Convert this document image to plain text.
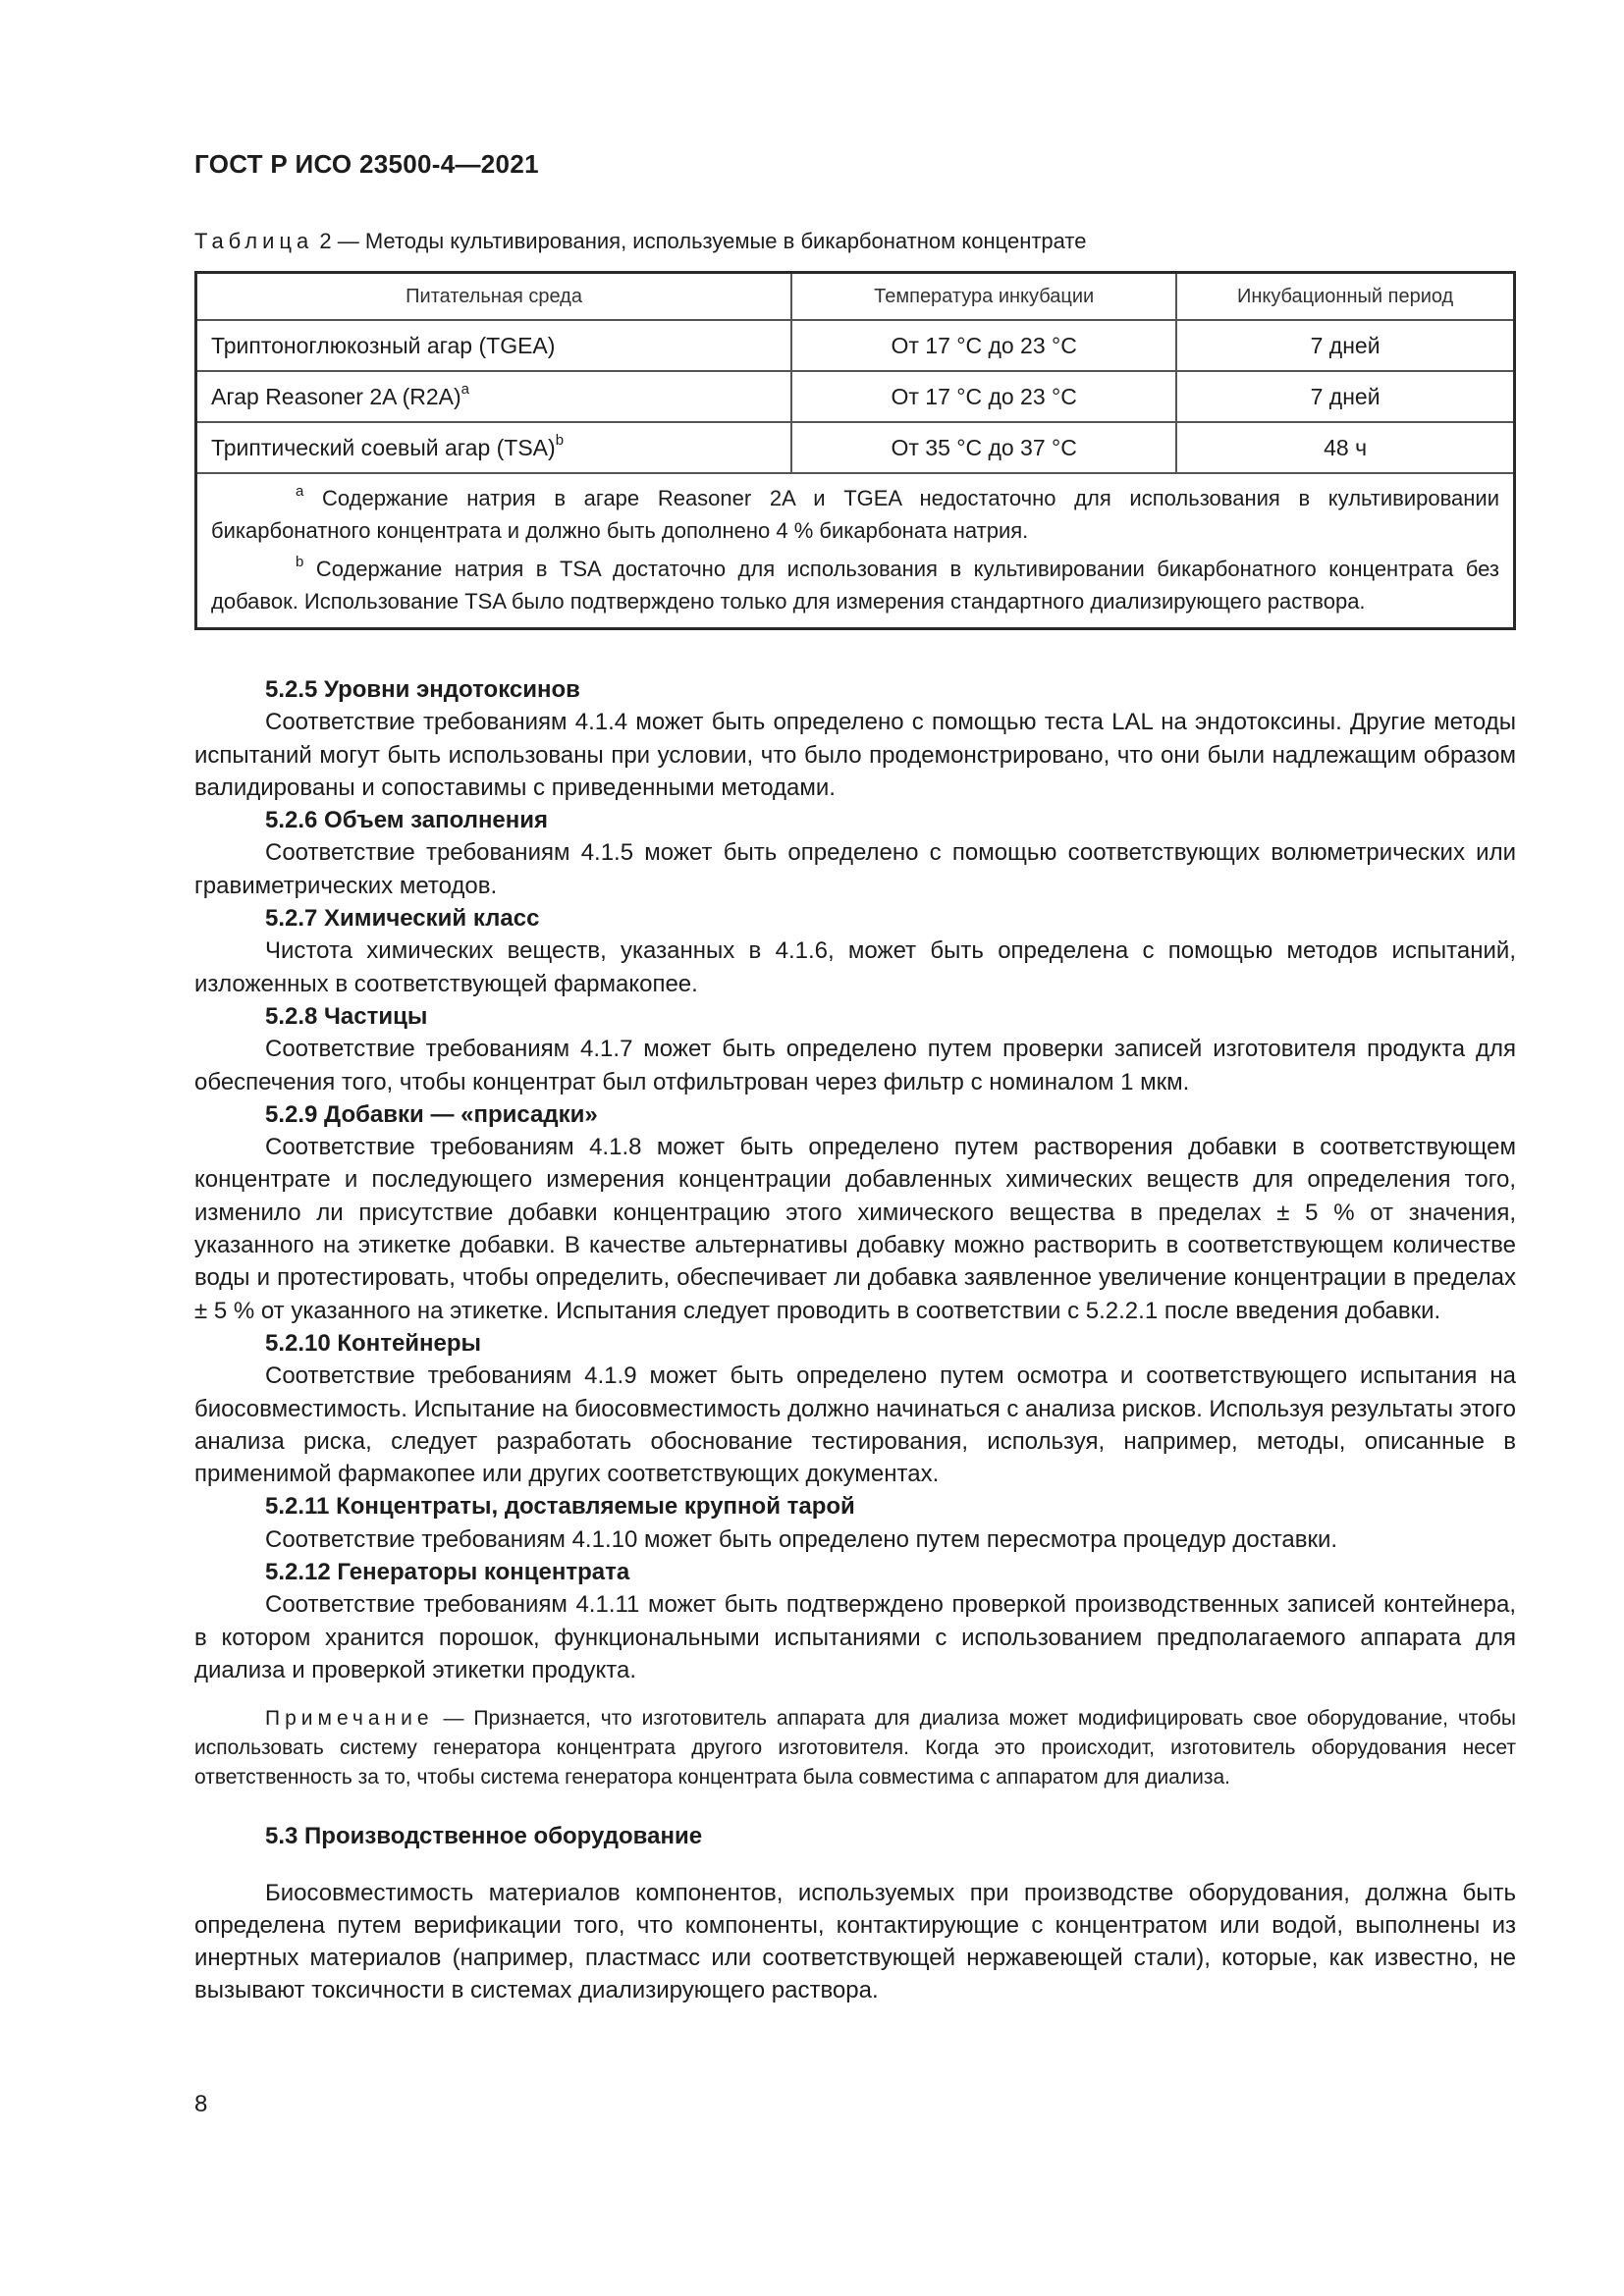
ГОСТ Р ИСО 23500-4—2021
Таблица 2 — Методы культивирования, используемые в бикарбонатном концентрате
Питательная среда	Температура инкубации	Инкубационный период
Триптоноглюкозный агар (TGEA)	От 17 °С до 23 °С	7 дней
Агар Reasoner 2A $(R2A)^a$	От 17 °С до 23 °С	7 дней
Триптический соевый агар (TSA)$^b$	От 35 °С до 37 °С	48 ч

$^a$ Содержание натрия в агаре Reasoner 2A и TGEA недостаточно для использования в культивировании бикарбонатного концентрата и должно быть дополнено 4 % бикарбоната натрия.

$^b$ Содержание натрия в TSA достаточно для использования в культивировании бикарбонатного концентрата без добавок. Использование TSA было подтверждено только для измерения стандартного диализирующего раствора.		

5.2.5 Уровни эндотоксинов

Соответствие требованиям 4.1.4 может быть определено с помощью теста LAL на эндотоксины. Другие методы испытаний могут быть использованы при условии, что было продемонстрировано, что они были надлежащим образом валидированы и сопоставимы с приведенными методами.

5.2.6 Объем заполнения

Соответствие требованиям 4.1.5 может быть определено с помощью соответствующих волюметрических или гравиметрических методов.

5.2.7 Химический класс

Чистота химических веществ, указанных в 4.1.6, может быть определена с помощью методов испытаний, изложенных в соответствующей фармакопее.

5.2.8 Частицы

Соответствие требованиям 4.1.7 может быть определено путем проверки записей изготовителя продукта для обеспечения того, чтобы концентрат был отфильтрован через фильтр с номиналом 1 мкм.

5.2.9 Добавки — «присадки»

Соответствие требованиям 4.1.8 может быть определено путем растворения добавки в соответствующем концентрате и последующего измерения концентрации добавленных химических веществ для определения того, изменило ли присутствие добавки концентрацию этого химического вещества в пределах ± 5 % от значения, указанного на этикетке добавки. В качестве альтернативы добавку можно растворить в соответствующем количестве воды и протестировать, чтобы определить, обеспечивает ли добавка заявленное увеличение концентрации в пределах ± 5 % от указанного на этикетке. Испытания следует проводить в соответствии с 5.2.2.1 после введения добавки.

5.2.10 Контейнеры

Соответствие требованиям 4.1.9 может быть определено путем осмотра и соответствующего испытания на биосовместимость. Испытание на биосовместимость должно начинаться с анализа рисков. Используя результаты этого анализа риска, следует разработать обоснование тестирования, используя, например, методы, описанные в применимой фармакопее или других соответствующих документах.

5.2.11 Концентраты, доставляемые крупной тарой

Соответствие требованиям 4.1.10 может быть определено путем пересмотра процедур доставки.

5.2.12 Генераторы концентрата

Соответствие требованиям 4.1.11 может быть подтверждено проверкой производственных записей контейнера, в котором хранится порошок, функциональными испытаниями с использованием предполагаемого аппарата для диализа и проверкой этикетки продукта.

Примечание — Признается, что изготовитель аппарата для диализа может модифицировать свое оборудование, чтобы использовать систему генератора концентрата другого изготовителя. Когда это происходит, изготовитель оборудования несет ответственность за то, чтобы система генератора концентрата была совместима с аппаратом для диализа.
5.3 Производственное оборудование

Биосовместимость материалов компонентов, используемых при производстве оборудования, должна быть определена путем верификации того, что компоненты, контактирующие с концентратом или водой, выполнены из инертных материалов (например, пластмасс или соответствующей нержавеющей стали), которые, как известно, не вызывают токсичности в системах диализирующего раствора.

8
